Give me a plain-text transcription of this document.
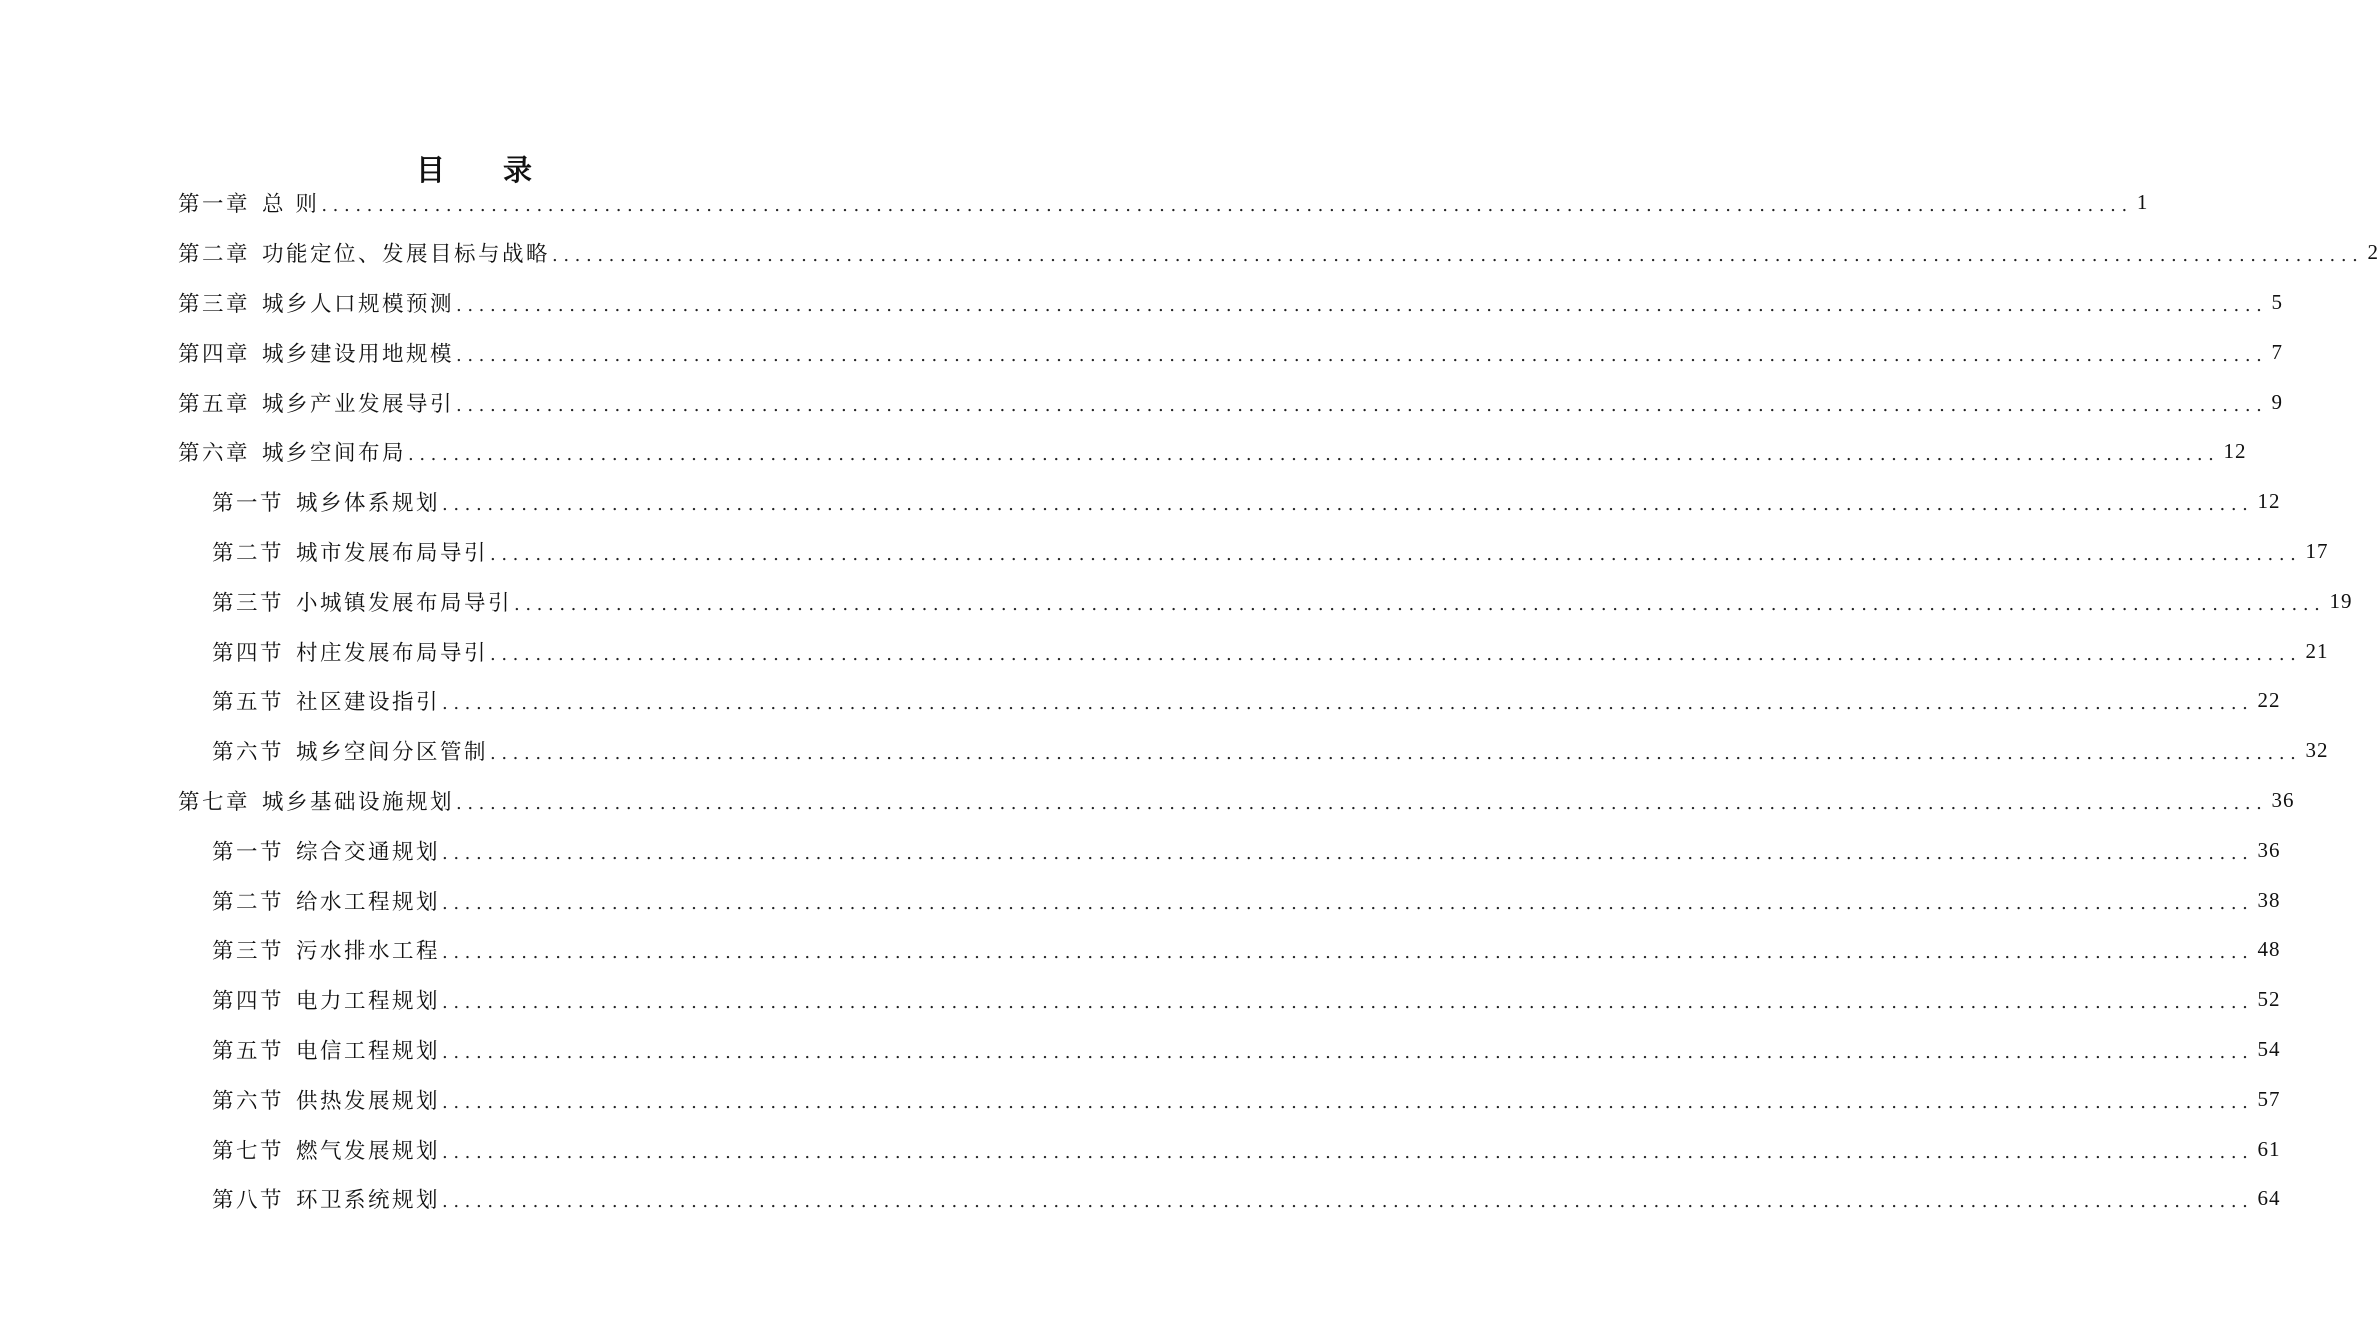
目 录
第一章 总 则 ................................................................................................................................................................ 1
第二章 功能定位、发展目标与战略 ................................................................................................................................................................ 2
第三章 城乡人口规模预测 ................................................................................................................................................................ 5
第四章 城乡建设用地规模 ................................................................................................................................................................ 7
第五章 城乡产业发展导引 ................................................................................................................................................................ 9
第六章 城乡空间布局 ................................................................................................................................................................ 12
第一节 城乡体系规划 ................................................................................................................................................................ 12
第二节 城市发展布局导引 ................................................................................................................................................................ 17
第三节 小城镇发展布局导引 ................................................................................................................................................................ 19
第四节 村庄发展布局导引 ................................................................................................................................................................ 21
第五节 社区建设指引 ................................................................................................................................................................ 22
第六节 城乡空间分区管制 ................................................................................................................................................................ 32
第七章 城乡基础设施规划 ................................................................................................................................................................ 36
第一节 综合交通规划 ................................................................................................................................................................ 36
第二节 给水工程规划 ................................................................................................................................................................ 38
第三节 污水排水工程 ................................................................................................................................................................ 48
第四节 电力工程规划 ................................................................................................................................................................ 52
第五节 电信工程规划 ................................................................................................................................................................ 54
第六节 供热发展规划 ................................................................................................................................................................ 57
第七节 燃气发展规划 ................................................................................................................................................................ 61
第八节 环卫系统规划 ................................................................................................................................................................ 64
